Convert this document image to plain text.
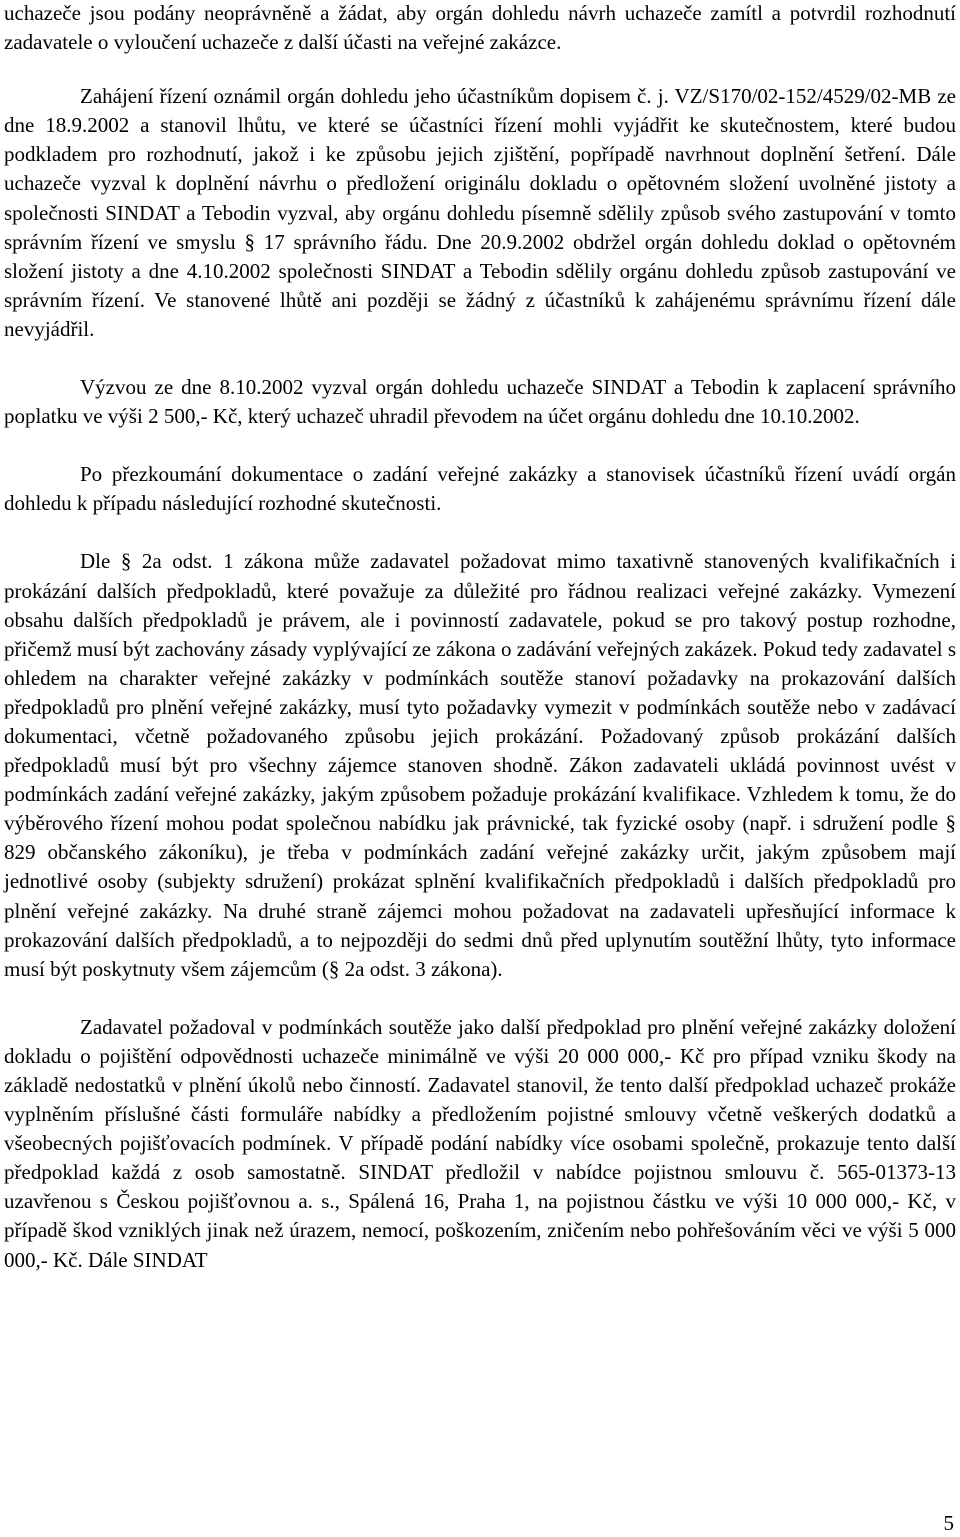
uchazeče jsou podány neoprávněně a žádat, aby orgán dohledu návrh uchazeče zamítl a potvrdil rozhodnutí zadavatele o vyloučení uchazeče z další účasti na veřejné zakázce.

Zahájení řízení oznámil orgán dohledu jeho účastníkům dopisem č. j. VZ/S170/02-152/4529/02-MB ze dne 18.9.2002 a stanovil lhůtu, ve které se účastníci řízení mohli vyjádřit ke skutečnostem, které budou podkladem pro rozhodnutí, jakož i ke způsobu jejich zjištění, popřípadě navrhnout doplnění šetření. Dále uchazeče vyzval k doplnění návrhu o předložení originálu dokladu o opětovném složení uvolněné jistoty a společnosti SINDAT a Tebodin vyzval, aby orgánu dohledu písemně sdělily způsob svého zastupování v tomto správním řízení ve smyslu § 17 správního řádu. Dne 20.9.2002 obdržel orgán dohledu doklad o opětovném složení jistoty a dne 4.10.2002 společnosti SINDAT a Tebodin sdělily orgánu dohledu způsob zastupování ve správním řízení. Ve stanovené lhůtě ani později se žádný z účastníků k zahájenému správnímu řízení dále nevyjádřil.

Výzvou ze dne 8.10.2002 vyzval orgán dohledu uchazeče SINDAT a Tebodin k zaplacení správního poplatku ve výši 2 500,- Kč, který uchazeč uhradil převodem na účet orgánu dohledu dne 10.10.2002.

Po přezkoumání dokumentace o zadání veřejné zakázky a stanovisek účastníků řízení uvádí orgán dohledu k případu následující rozhodné skutečnosti.

Dle § 2a odst. 1 zákona může zadavatel požadovat mimo taxativně stanovených kvalifikačních i prokázání dalších předpokladů, které považuje za důležité pro řádnou realizaci veřejné zakázky. Vymezení obsahu dalších předpokladů je právem, ale i povinností zadavatele, pokud se pro takový postup rozhodne, přičemž musí být zachovány zásady vyplývající ze zákona o zadávání veřejných zakázek. Pokud tedy zadavatel s ohledem na charakter veřejné zakázky v podmínkách soutěže stanoví požadavky na prokazování dalších předpokladů pro plnění veřejné zakázky, musí tyto požadavky vymezit v podmínkách soutěže nebo v zadávací dokumentaci, včetně požadovaného způsobu jejich prokázání. Požadovaný způsob prokázání dalších předpokladů musí být pro všechny zájemce stanoven shodně. Zákon zadavateli ukládá povinnost uvést v podmínkách zadání veřejné zakázky, jakým způsobem požaduje prokázání kvalifikace. Vzhledem k tomu, že do výběrového řízení mohou podat společnou nabídku jak právnické, tak fyzické osoby (např. i sdružení podle § 829 občanského zákoníku), je třeba v podmínkách zadání veřejné zakázky určit, jakým způsobem mají jednotlivé osoby (subjekty sdružení) prokázat splnění kvalifikačních předpokladů i dalších předpokladů pro plnění veřejné zakázky. Na druhé straně zájemci mohou požadovat na zadavateli upřesňující informace k prokazování dalších předpokladů, a to nejpozději do sedmi dnů před uplynutím soutěžní lhůty, tyto informace musí být poskytnuty všem zájemcům (§ 2a odst. 3 zákona).

Zadavatel požadoval v podmínkách soutěže jako další předpoklad pro plnění veřejné zakázky doložení dokladu o pojištění odpovědnosti uchazeče minimálně ve výši 20 000 000,- Kč pro případ vzniku škody na základě nedostatků v plnění úkolů nebo činností. Zadavatel stanovil, že tento další předpoklad uchazeč prokáže vyplněním příslušné části formuláře nabídky a předložením pojistné smlouvy včetně veškerých dodatků a všeobecných pojišťovacích podmínek. V případě podání nabídky více osobami společně, prokazuje tento další předpoklad každá z osob samostatně. SINDAT předložil v nabídce pojistnou smlouvu č. 565-01373-13 uzavřenou s Českou pojišťovnou a. s., Spálená 16, Praha 1, na pojistnou částku ve výši 10 000 000,- Kč, v případě škod vzniklých jinak než úrazem, nemocí, poškozením, zničením nebo pohřešováním věci ve výši 5 000 000,- Kč. Dále SINDAT

5
